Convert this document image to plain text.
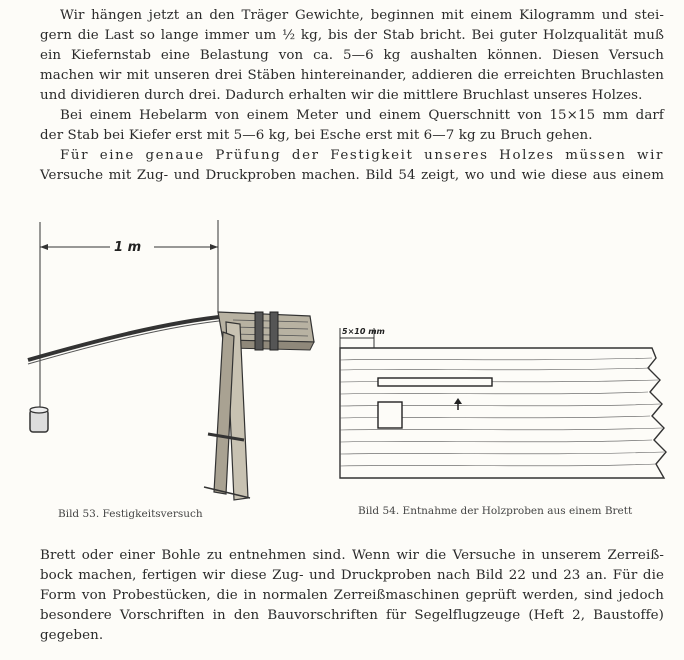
Wir hängen jetzt an den Träger Gewichte, beginnen mit einem Kilogramm und stei-
gern die Last so lange immer um ½ kg, bis der Stab bricht. Bei guter Holzqualität muß
ein Kiefernstab eine Belastung von ca. 5—6 kg aushalten können. Diesen Versuch
machen wir mit unseren drei Stäben hintereinander, addieren die erreichten Bruchlasten
und dividieren durch drei. Dadurch erhalten wir die mittlere Bruchlast unseres Holzes.
Bei einem Hebelarm von einem Meter und einem Querschnitt von 15×15 mm darf
der Stab bei Kiefer erst mit 5—6 kg, bei Esche erst mit 6—7 kg zu Bruch gehen.
Für eine genaue Prüfung der Festigkeit unseres Holzes müssen wir
Versuche mit Zug- und Druckproben machen. Bild 54 zeigt, wo und wie diese aus einem
1 m
Bild 53. Festigkeitsversuch
5×10 mm
Bild 54. Entnahme der Holzproben aus einem Brett
Brett oder einer Bohle zu entnehmen sind. Wenn wir die Versuche in unserem Zerreiß-
bock machen, fertigen wir diese Zug- und Druckproben nach Bild 22 und 23 an. Für die
Form von Probestücken, die in normalen Zerreißmaschinen geprüft werden, sind jedoch
besondere Vorschriften in den Bauvorschriften für Segelflugzeuge (Heft 2, Baustoffe)
gegeben.
